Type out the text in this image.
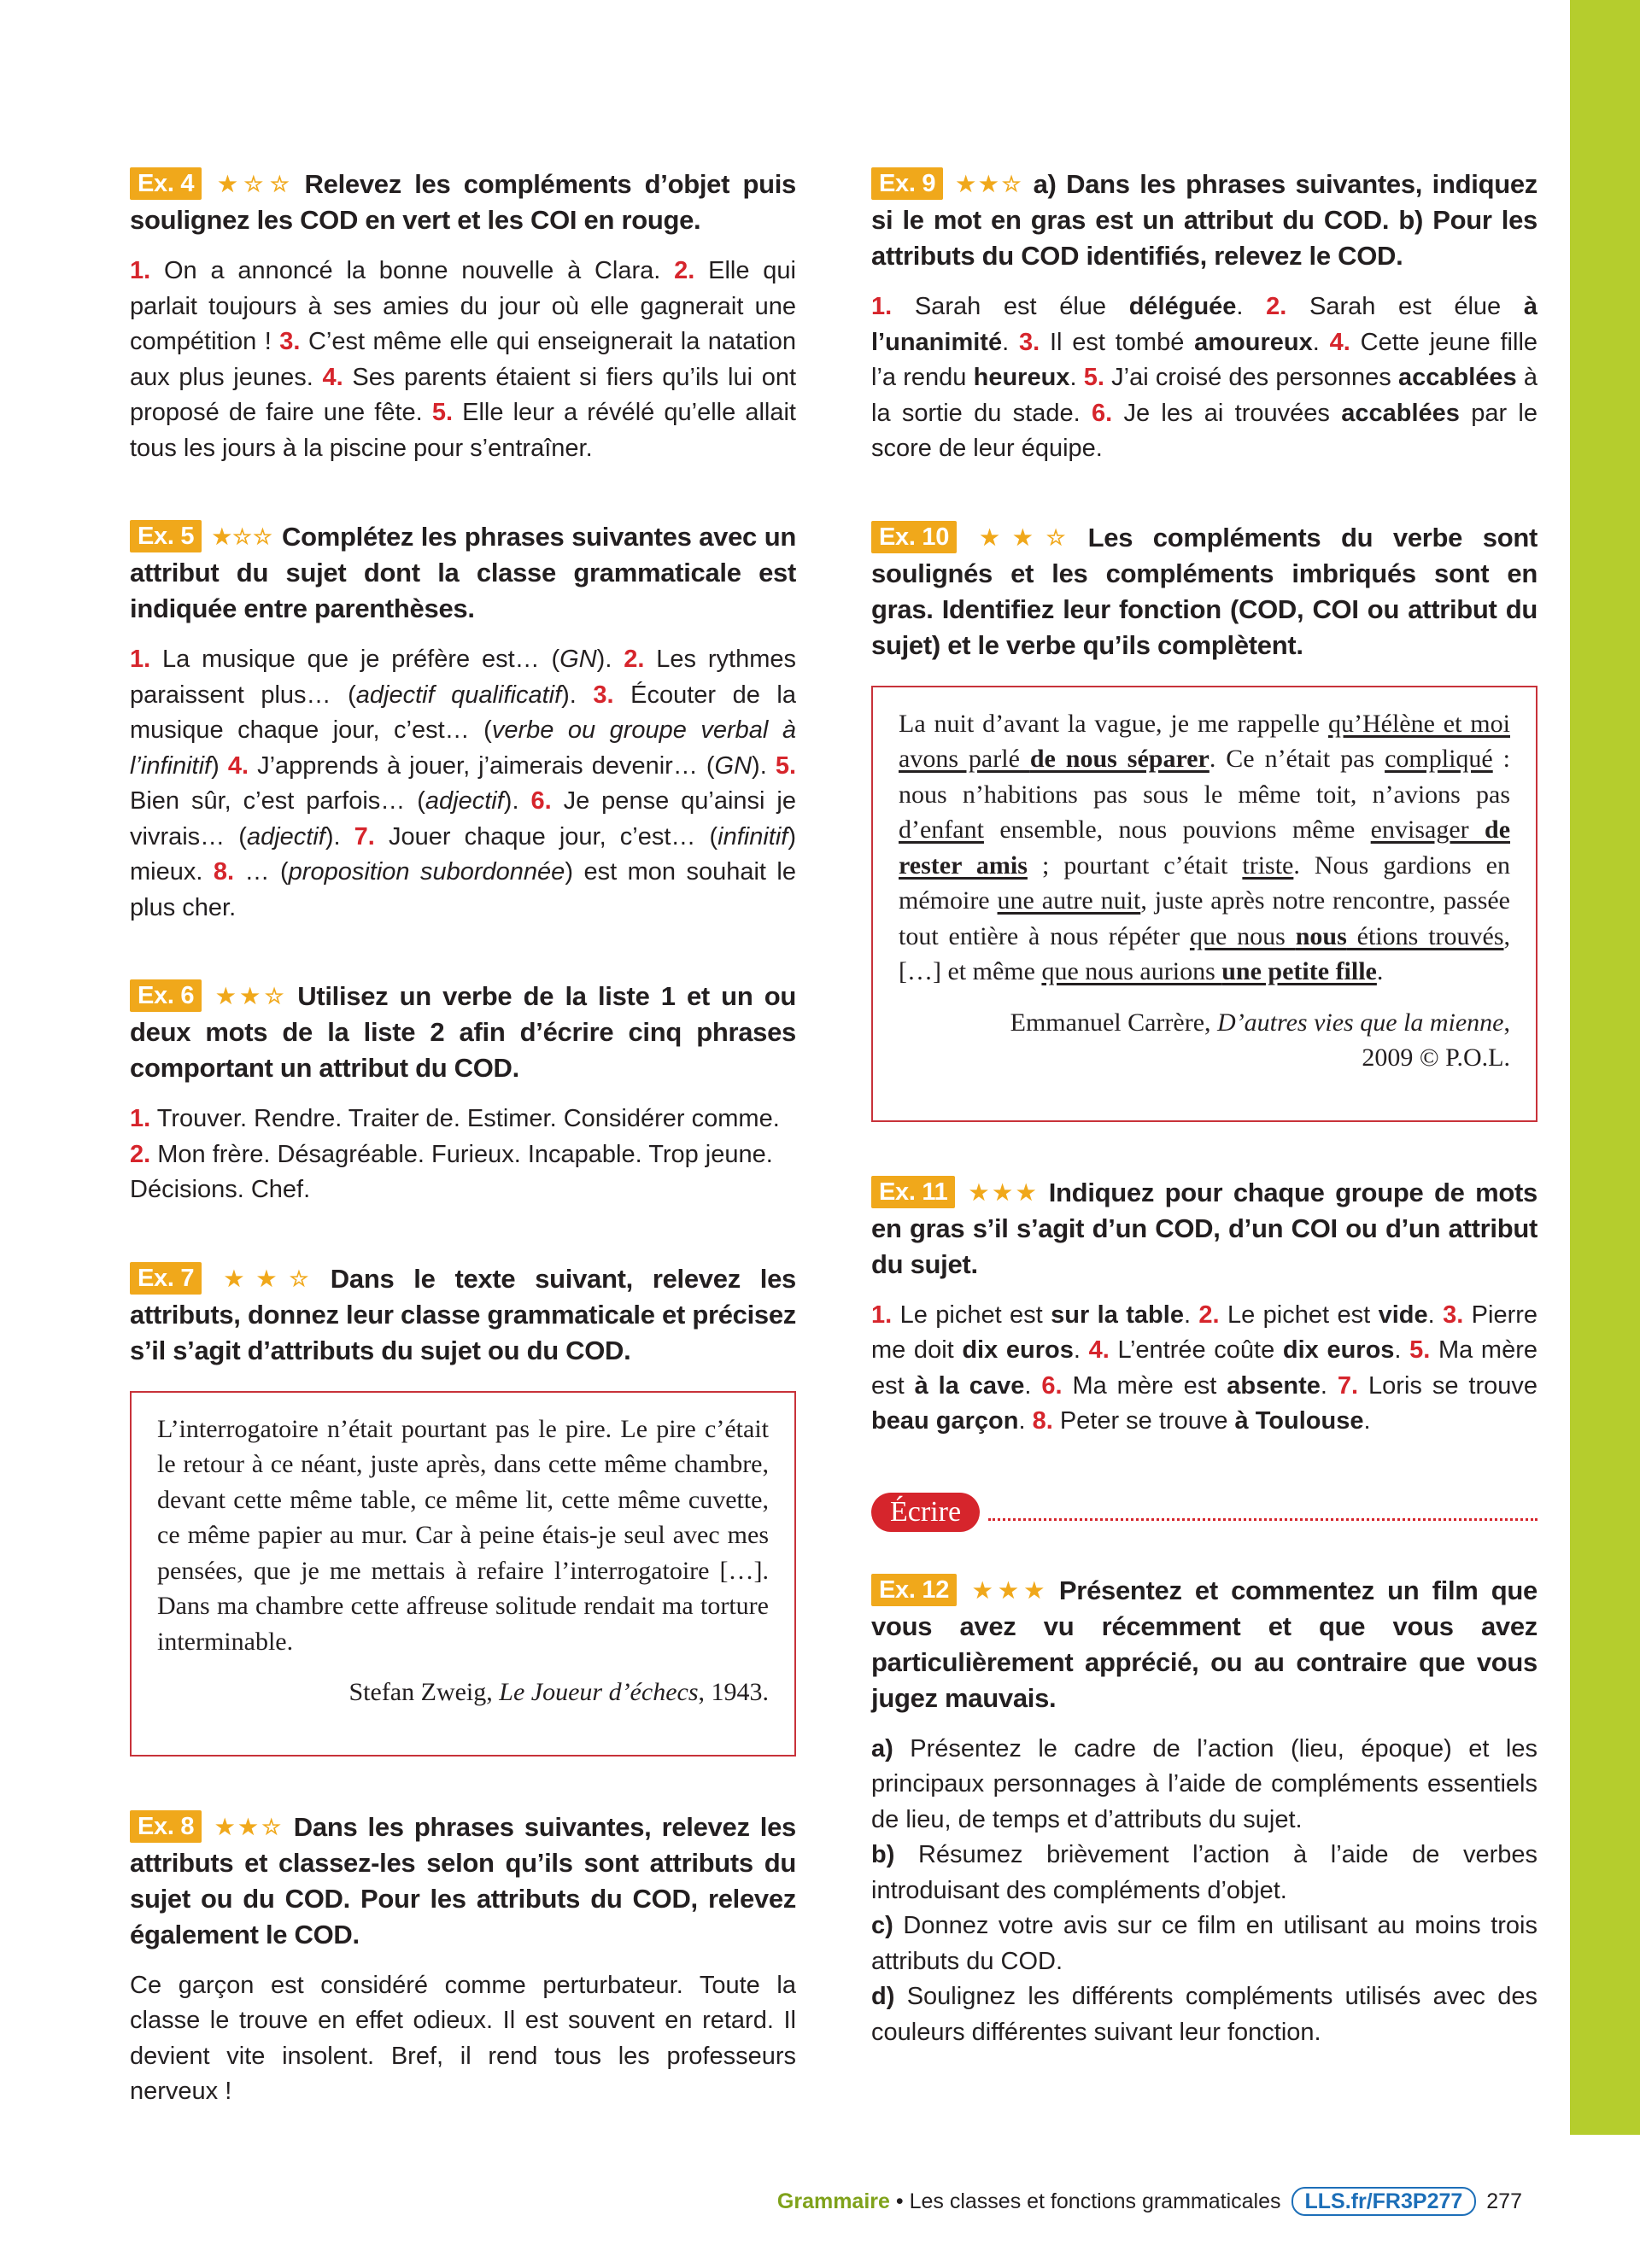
Ex. 4 ★☆☆ Relevez les compléments d’objet puis soulignez les COD en vert et les COI en rouge.

1. On a annoncé la bonne nouvelle à Clara. 2. Elle qui parlait toujours à ses amies du jour où elle gagnerait une compétition ! 3. C’est même elle qui enseignerait la natation aux plus jeunes. 4. Ses parents étaient si fiers qu’ils lui ont proposé de faire une fête. 5. Elle leur a révélé qu’elle allait tous les jours à la piscine pour s’entraîner.

Ex. 5 ★☆☆ Complétez les phrases suivantes avec un attribut du sujet dont la classe grammaticale est indiquée entre parenthèses.

1. La musique que je préfère est… (GN). 2. Les rythmes paraissent plus… (adjectif qualificatif). 3. Écouter de la musique chaque jour, c’est… (verbe ou groupe verbal à l’infinitif) 4. J’apprends à jouer, j’aimerais devenir… (GN). 5. Bien sûr, c’est parfois… (adjectif). 6. Je pense qu’ainsi je vivrais… (adjectif). 7. Jouer chaque jour, c’est… (infinitif) mieux. 8. … (proposition subordonnée) est mon souhait le plus cher.

Ex. 6 ★★☆ Utilisez un verbe de la liste 1 et un ou deux mots de la liste 2 afin d’écrire cinq phrases comportant un attribut du COD.

1. Trouver. Rendre. Traiter de. Estimer. Considérer comme.

2. Mon frère. Désagréable. Furieux. Incapable. Trop jeune. Décisions. Chef.

Ex. 7 ★★☆ Dans le texte suivant, relevez les attributs, donnez leur classe grammaticale et précisez s’il s’agit d’attributs du sujet ou du COD.

L’interrogatoire n’était pourtant pas le pire. Le pire c’était le retour à ce néant, juste après, dans cette même chambre, devant cette même table, ce même lit, cette même cuvette, ce même papier au mur. Car à peine étais-je seul avec mes pensées, que je me mettais à refaire l’interrogatoire […]. Dans ma chambre cette affreuse solitude rendait ma torture interminable.

Stefan Zweig, Le Joueur d’échecs, 1943.

Ex. 8 ★★☆ Dans les phrases suivantes, relevez les attributs et classez-les selon qu’ils sont attributs du sujet ou du COD. Pour les attributs du COD, relevez également le COD.

Ce garçon est considéré comme perturbateur. Toute la classe le trouve en effet odieux. Il est souvent en retard. Il devient vite insolent. Bref, il rend tous les professeurs nerveux !

Ex. 9 ★★☆ a) Dans les phrases suivantes, indiquez si le mot en gras est un attribut du COD. b) Pour les attributs du COD identifiés, relevez le COD.

1. Sarah est élue déléguée. 2. Sarah est élue à l’unanimité. 3. Il est tombé amoureux. 4. Cette jeune fille l’a rendu heureux. 5. J’ai croisé des personnes accablées à la sortie du stade. 6. Je les ai trouvées accablées par le score de leur équipe.

Ex. 10 ★★☆ Les compléments du verbe sont soulignés et les compléments imbriqués sont en gras. Identifiez leur fonction (COD, COI ou attribut du sujet) et le verbe qu’ils complètent.

La nuit d’avant la vague, je me rappelle qu’Hélène et moi avons parlé de nous séparer. Ce n’était pas compliqué : nous n’habitions pas sous le même toit, n’avions pas d’enfant ensemble, nous pouvions même envisager de rester amis ; pourtant c’était triste. Nous gardions en mémoire une autre nuit, juste après notre rencontre, passée tout entière à nous répéter que nous nous étions trouvés, […] et même que nous aurions une petite fille.

Emmanuel Carrère, D’autres vies que la mienne,
2009 © P.O.L.

Ex. 11 ★★★ Indiquez pour chaque groupe de mots en gras s’il s’agit d’un COD, d’un COI ou d’un attribut du sujet.

1. Le pichet est sur la table. 2. Le pichet est vide. 3. Pierre me doit dix euros. 4. L’entrée coûte dix euros. 5. Ma mère est à la cave. 6. Ma mère est absente. 7. Loris se trouve beau garçon. 8. Peter se trouve à Toulouse.

Écrire

Ex. 12 ★★★ Présentez et commentez un film que vous avez vu récemment et que vous avez particulièrement apprécié, ou au contraire que vous jugez mauvais.

a) Présentez le cadre de l’action (lieu, époque) et les principaux personnages à l’aide de compléments essentiels de lieu, de temps et d’attributs du sujet.

b) Résumez brièvement l’action à l’aide de verbes introduisant des compléments d’objet.

c) Donnez votre avis sur ce film en utilisant au moins trois attributs du COD.

d) Soulignez les différents compléments utilisés avec des couleurs différentes suivant leur fonction.

Grammaire • Les classes et fonctions grammaticales LLS.fr/FR3P277 277
